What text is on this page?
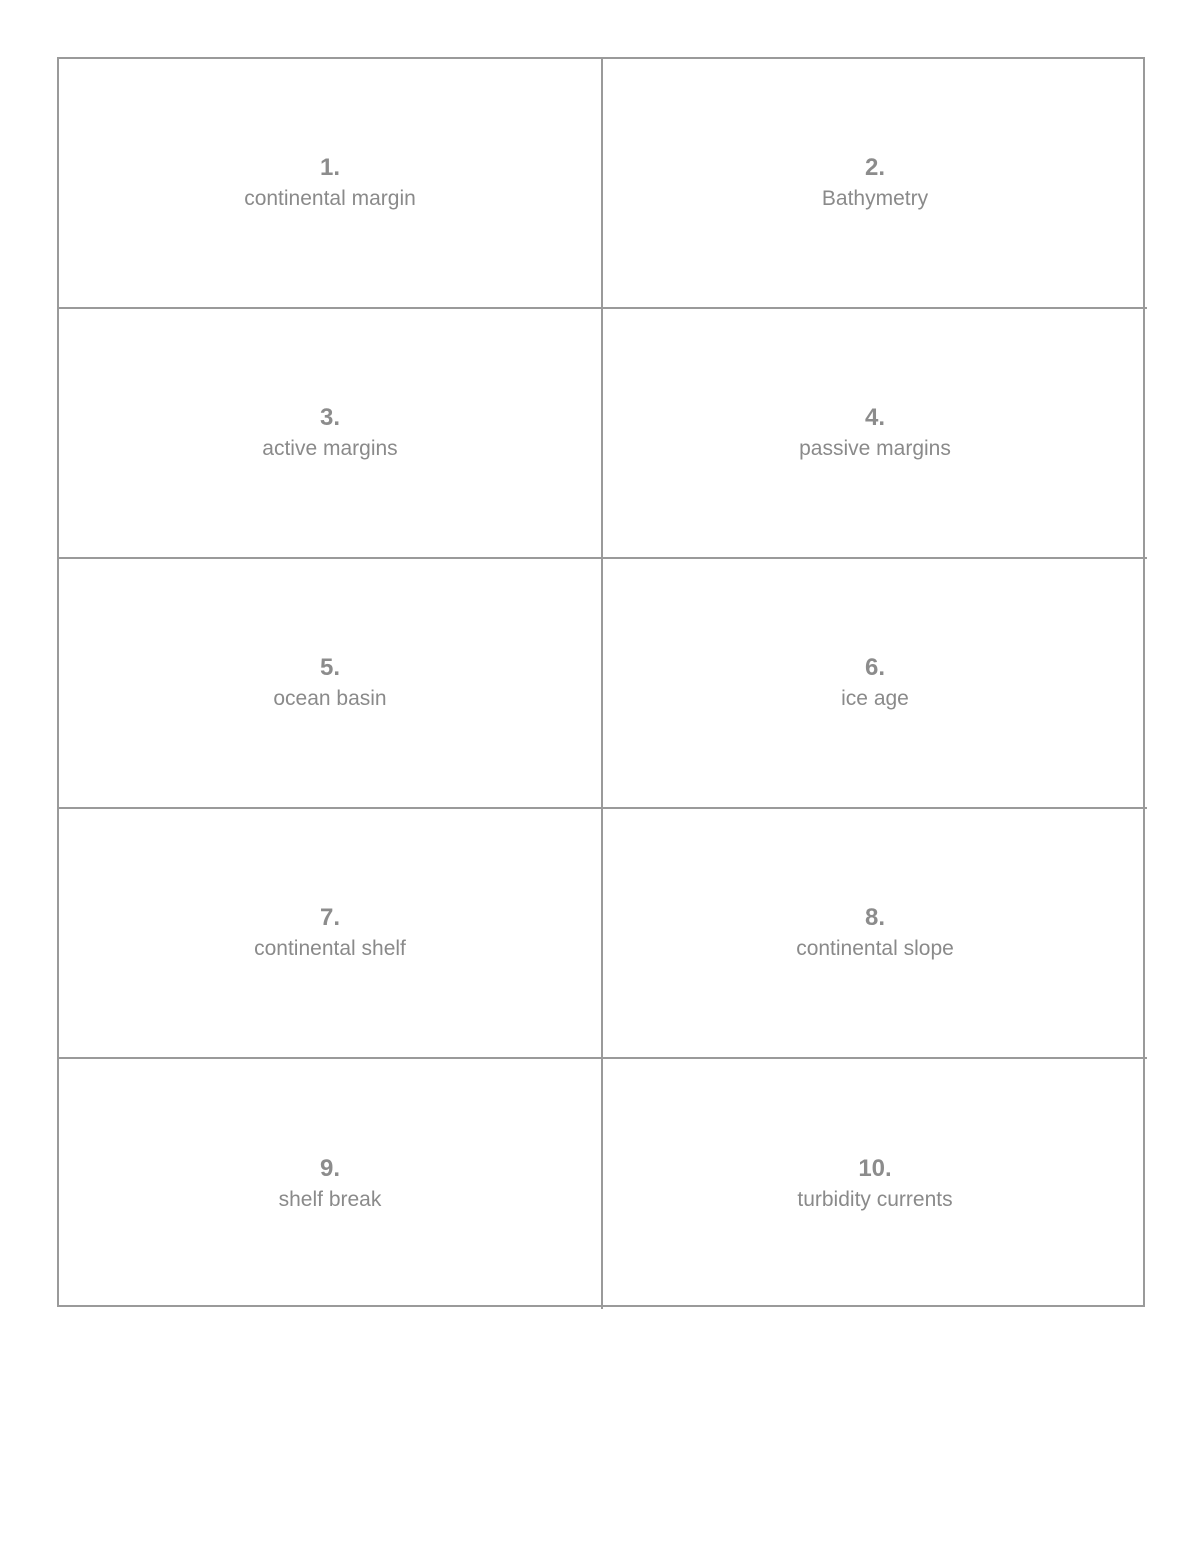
1.
continental margin
2.
Bathymetry
3.
active margins
4.
passive margins
5.
ocean basin
6.
ice age
7.
continental shelf
8.
continental slope
9.
shelf break
10.
turbidity currents
